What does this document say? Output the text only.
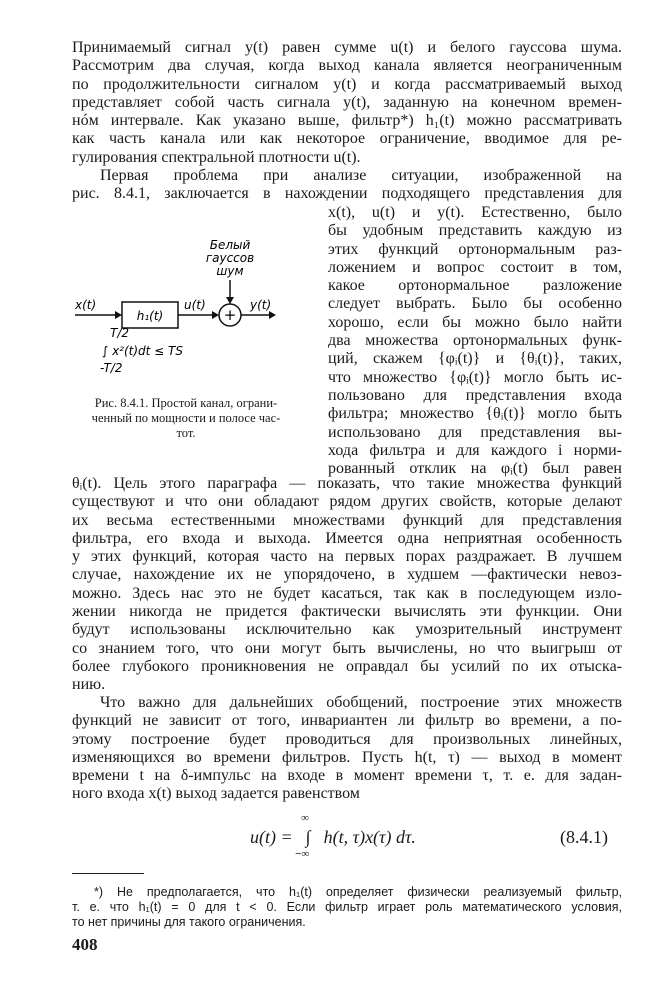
Принимаемый сигнал y(t) равен сумме u(t) и белого гауссова шума.
Рассмотрим два случая, когда выход канала является неограниченным
по продолжительности сигналом y(t) и когда рассматриваемый выход
представляет собой часть сигнала y(t), заданную на конечном времен-
нóм интервале. Как указано выше, фильтр*) h₁(t) можно рассматривать
как часть канала или как некоторое ограничение, вводимое для ре-
гулирования спектральной плотности u(t).
Первая проблема при анализе ситуации, изображенной на
рис. 8.4.1, заключается в нахождении подходящего представления для
Белый
гауссов
шум
x(t)
h₁(t)
u(t)
+
y(t)
T/2
∫ x²(t)dt ≤ TS
-T/2
Рис. 8.4.1. Простой канал, ограни-
ченный по мощности и полосе час-
тот.
x(t), u(t) и y(t). Естественно, было
бы удобным представить каждую из
этих функций ортонормальным раз-
ложением и вопрос состоит в том,
какое ортонормальное разложение
следует выбрать. Было бы особенно
хорошо, если бы можно было найти
два множества ортонормальных функ-
ций, скажем {φᵢ(t)} и {θᵢ(t)}, таких,
что множество {φᵢ(t)} могло быть ис-
пользовано для представления входа
фильтра; множество {θᵢ(t)} могло быть
использовано для представления вы-
хода фильтра и для каждого i норми-
рованный отклик на φᵢ(t) был равен
θᵢ(t). Цель этого параграфа — показать, что такие множества функций
существуют и что они обладают рядом других свойств, которые делают
их весьма естественными множествами функций для представления
фильтра, его входа и выхода. Имеется одна неприятная особенность
у этих функций, которая часто на первых порах раздражает. В лучшем
случае, нахождение их не упорядочено, в худшем —фактически невоз-
можно. Здесь нас это не будет касаться, так как в последующем изло-
жении никогда не придется фактически вычислять эти функции. Они
будут использованы исключительно как умозрительный инструмент
со знанием того, что они могут быть вычислены, но что выигрыш от
более глубокого проникновения не оправдал бы усилий по их отыска-
нию.
Что важно для дальнейших обобщений, построение этих множеств
функций не зависит от того, инвариантен ли фильтр во времени, а по-
этому построение будет проводиться для произвольных линейных,
изменяющихся во времени фильтров. Пусть h(t, τ) — выход в момент
времени t на δ-импульс на входе в момент времени τ, т. е. для задан-
ного входа x(t) выход задается равенством
u(t) = ∫
∞
−∞
h(t, τ)x(τ) dτ.	(8.4.1)
*) Не предполагается, что h₁(t) определяет физически реализуемый фильтр,
т. е. что h₁(t) = 0 для t < 0. Если фильтр играет роль математического условия,
то нет причины для такого ограничения.
408
